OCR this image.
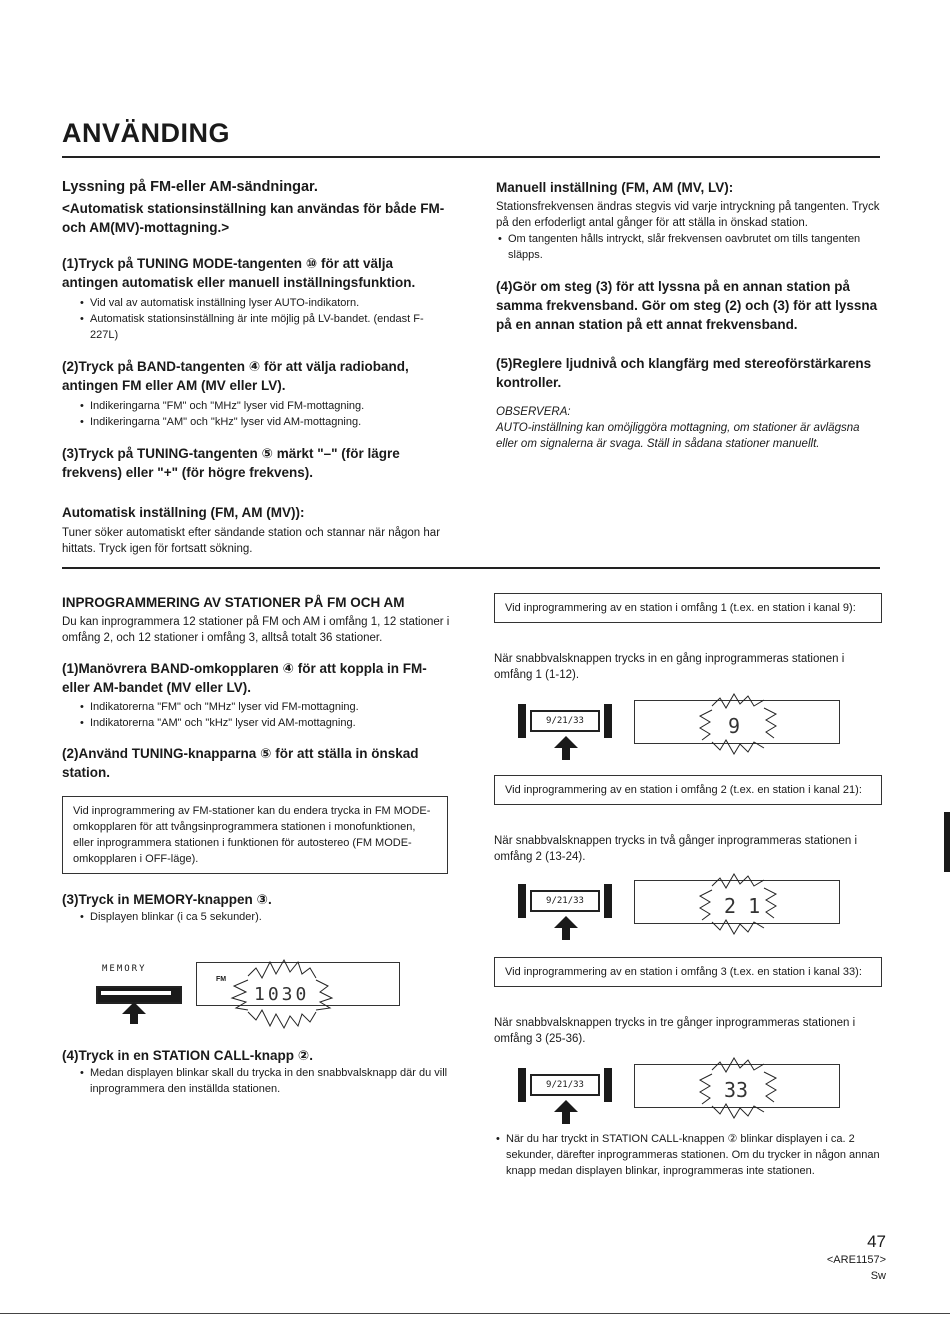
ANVÄNDING
Lyssning på FM-eller AM-sändningar.
<Automatisk stationsinställning kan användas för både FM-och AM(MV)-mottagning.>
(1)Tryck på TUNING MODE-tangenten ⑩ för att välja antingen automatisk eller manuell inställningsfunktion.

• Vid val av automatisk inställning lyser AUTO-indikatorn.

• Automatisk stationsinställning är inte möjlig på LV-bandet. (endast F-227L)

(2)Tryck på BAND-tangenten ④ för att välja radioband, antingen FM eller AM (MV eller LV).

• Indikeringarna "FM" och "MHz" lyser vid FM-mottagning.

• Indikeringarna "AM" och "kHz" lyser vid AM-mottagning.

(3)Tryck på TUNING-tangenten ⑤ märkt "–" (för lägre frekvens) eller "+" (för högre frekvens).
Automatisk inställning (FM, AM (MV)):
Tuner söker automatiskt efter sändande station och stannar när någon har hittats. Tryck igen för fortsatt sökning.
Manuell inställning (FM, AM (MV, LV):
Stationsfrekvensen ändras stegvis vid varje intryckning på tangenten. Tryck på den erfoderligt antal gånger för att ställa in önskad station.

• Om tangenten hålls intryckt, slår frekvensen oavbrutet om tills tangenten släpps.

(4)Gör om steg (3) för att lyssna på en annan station på samma frekvensband. Gör om steg (2) och (3) för att lyssna på en annan station på ett annat frekvensband.
(5)Reglere ljudnivå och klangfärg med stereoförstärkarens kontroller.
OBSERVERA:
AUTO-inställning kan omöjliggöra mottagning, om stationer är avlägsna eller om signalerna är svaga. Ställ in sådana stationer manuellt.
INPROGRAMMERING AV STATIONER PÅ FM OCH AM
Du kan inprogrammera 12 stationer på FM och AM i omfång 1, 12 stationer i omfång 2, och 12 stationer i omfång 3, alltså totalt 36 stationer.
(1)Manövrera BAND-omkopplaren ④ för att koppla in FM- eller AM-bandet (MV eller LV).

• Indikatorerna "FM" och "MHz" lyser vid FM-mottagning.

• Indikatorerna "AM" och "kHz" lyser vid AM-mottagning.

(2)Använd TUNING-knapparna ⑤ för att ställa in önskad station.
Vid inprogrammering av FM-stationer kan du endera trycka in FM MODE-omkopplaren för att tvångsinprogrammera stationen i monofunktionen, eller inprogrammera stationen i funktionen för autostereo (FM MODE-omkopplaren i OFF-läge).
(3)Tryck in MEMORY-knappen ③.

• Displayen blinkar (i ca 5 sekunder).

MEMORY
FM
1030
(4)Tryck in en STATION CALL-knapp ②.

• Medan displayen blinkar skall du trycka in den snabbvalsknapp där du vill inprogrammera den inställda stationen.

Vid inprogrammering av en station i omfång 1 (t.ex. en station i kanal 9):
När snabbvalsknappen trycks in en gång inprogrammeras stationen i omfång 1 (1-12).
9/21/33	9
Vid inprogrammering av en station i omfång 2 (t.ex. en station i kanal 21):
När snabbvalsknappen trycks in två gånger inprogrammeras stationen i omfång 2 (13-24).
9/21/33	2 1
Vid inprogrammering av en station i omfång 3 (t.ex. en station i kanal 33):
När snabbvalsknappen trycks in tre gånger inprogrammeras stationen i omfång 3 (25-36).
9/21/33	33

• När du har tryckt in STATION CALL-knappen ② blinkar displayen i ca. 2 sekunder, därefter inprogrammeras stationen. Om du trycker in någon annan knapp medan displayen blinkar, inprogrammeras inte stationen.

47
<ARE1157>
Sw
